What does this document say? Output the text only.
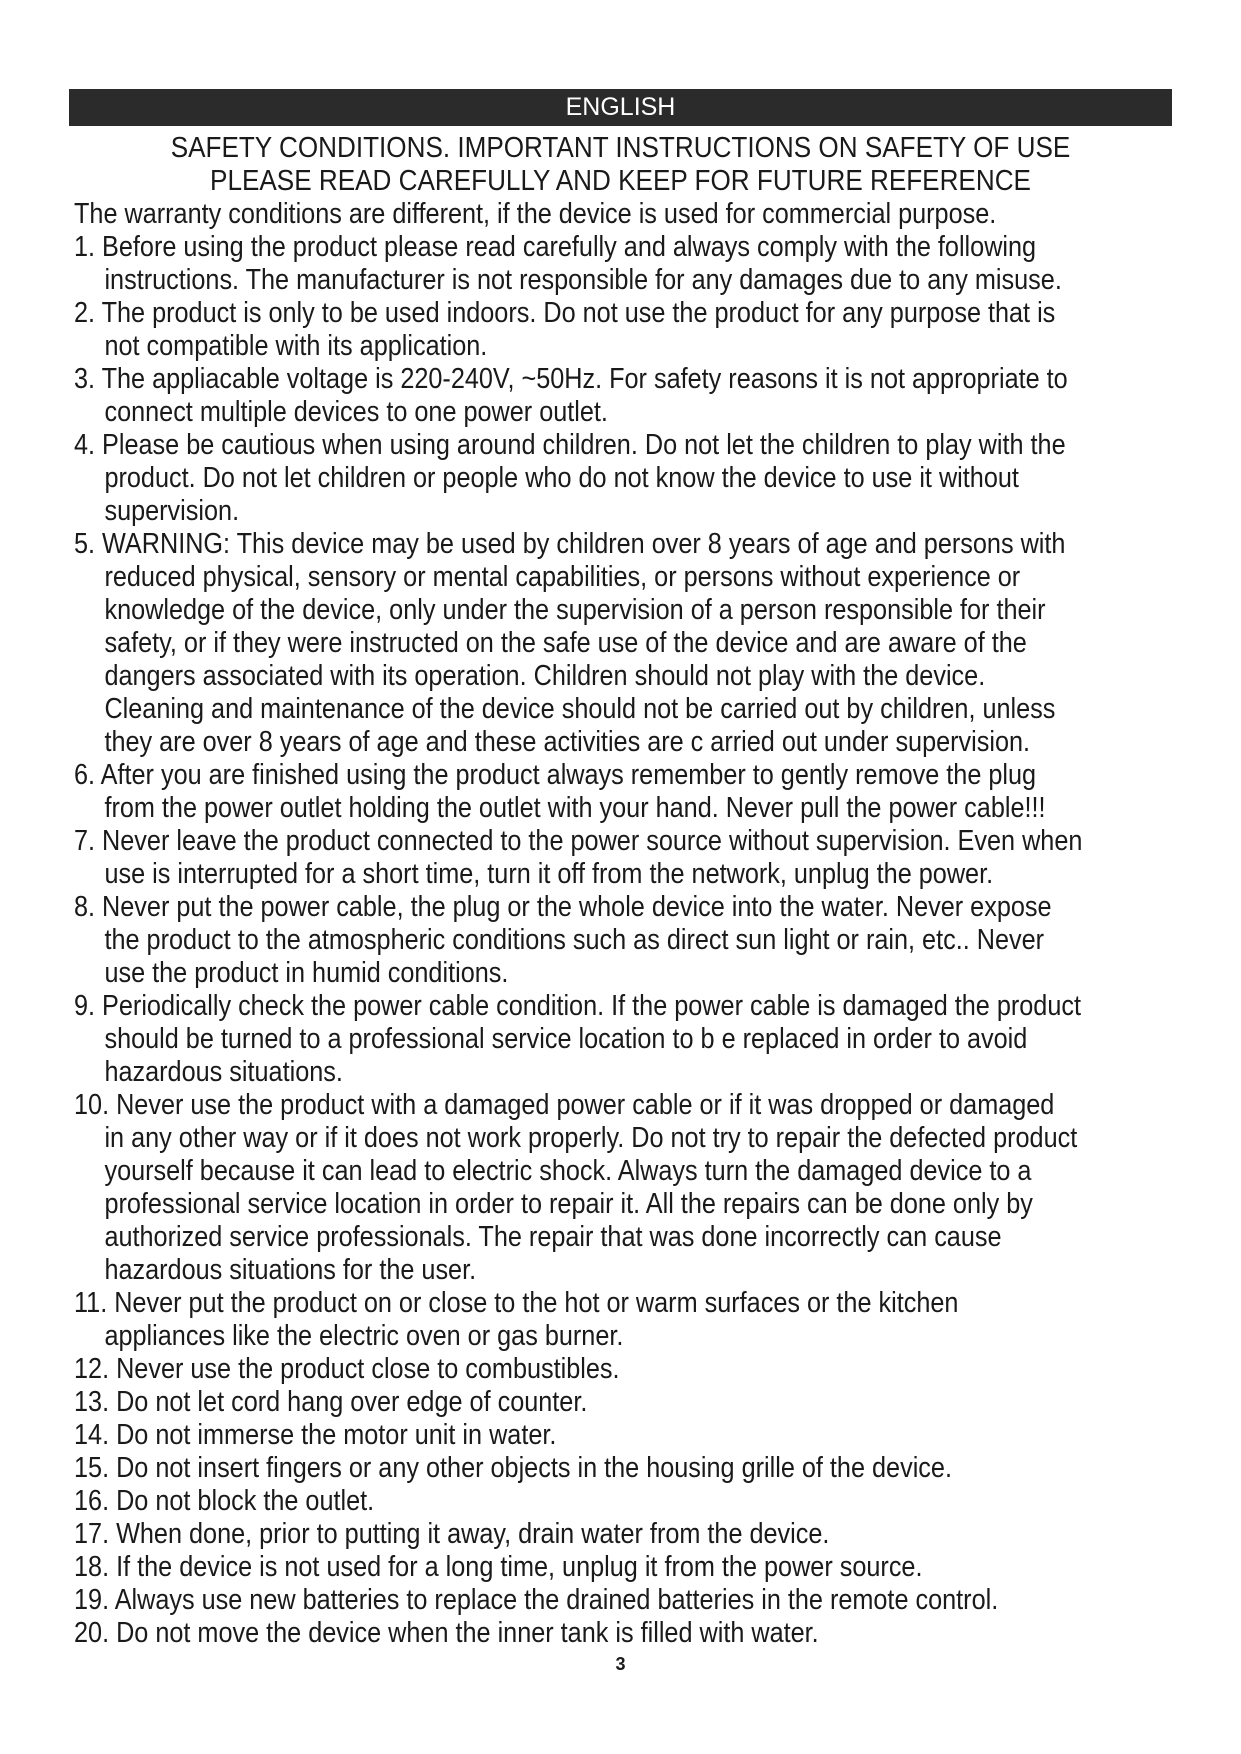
ENGLISH
SAFETY CONDITIONS. IMPORTANT INSTRUCTIONS ON SAFETY OF USE
PLEASE READ CAREFULLY AND KEEP FOR FUTURE REFERENCE
The warranty conditions are different, if the device is used for commercial purpose.
1. Before using the product please read carefully and always comply with the following
instructions. The manufacturer is not responsible for any damages due to any misuse.
2. The product is only to be used indoors. Do not use the product for any purpose that is
not compatible with its application.
3. The appliacable voltage is 220-240V, ~50Hz. For safety reasons it is not appropriate to
connect multiple devices to one power outlet.
4. Please be cautious when using around children. Do not let the children to play with the
product. Do not let children or people who do not know the device to use it without
supervision.
5. WARNING: This device may be used by children over 8 years of age and persons with
reduced physical, sensory or mental capabilities, or persons without experience or
knowledge of the device, only under the supervision of a person responsible for their
safety, or if they were instructed on the safe use of the device and are aware of the
dangers associated with its operation. Children should not play with the device.
Cleaning and maintenance of the device should not be carried out by children, unless
they are over 8 years of age and these activities are c arried out under supervision.
6. After you are finished using the product always remember to gently remove the plug
from the power outlet holding the outlet with your hand. Never pull the power cable!!!
7. Never leave the product connected to the power source without supervision. Even when
use is interrupted for a short time, turn it off from the network, unplug the power.
8. Never put the power cable, the plug or the whole device into the water. Never expose
the product to the atmospheric conditions such as direct sun light or rain, etc.. Never
use the product in humid conditions.
9. Periodically check the power cable condition. If the power cable is damaged the product
should be turned to a professional service location to b e replaced in order to avoid
hazardous situations.
10. Never use the product with a damaged power cable or if it was dropped or damaged
in any other way or if it does not work properly. Do not try to repair the defected product
yourself because it can lead to electric shock. Always turn the damaged device to a
professional service location in order to repair it. All the repairs can be done only by
authorized service professionals. The repair that was done incorrectly can cause
hazardous situations for the user.
11. Never put the product on or close to the hot or warm surfaces or the kitchen
appliances like the electric oven or gas burner.
12. Never use the product close to combustibles.
13. Do not let cord hang over edge of counter.
14. Do not immerse the motor unit in water.
15. Do not insert fingers or any other objects in the housing grille of the device.
16. Do not block the outlet.
17. When done, prior to putting it away, drain water from the device.
18. If the device is not used for a long time, unplug it from the power source.
19. Always use new batteries to replace the drained batteries in the remote control.
20. Do not move the device when the inner tank is filled with water.
3
